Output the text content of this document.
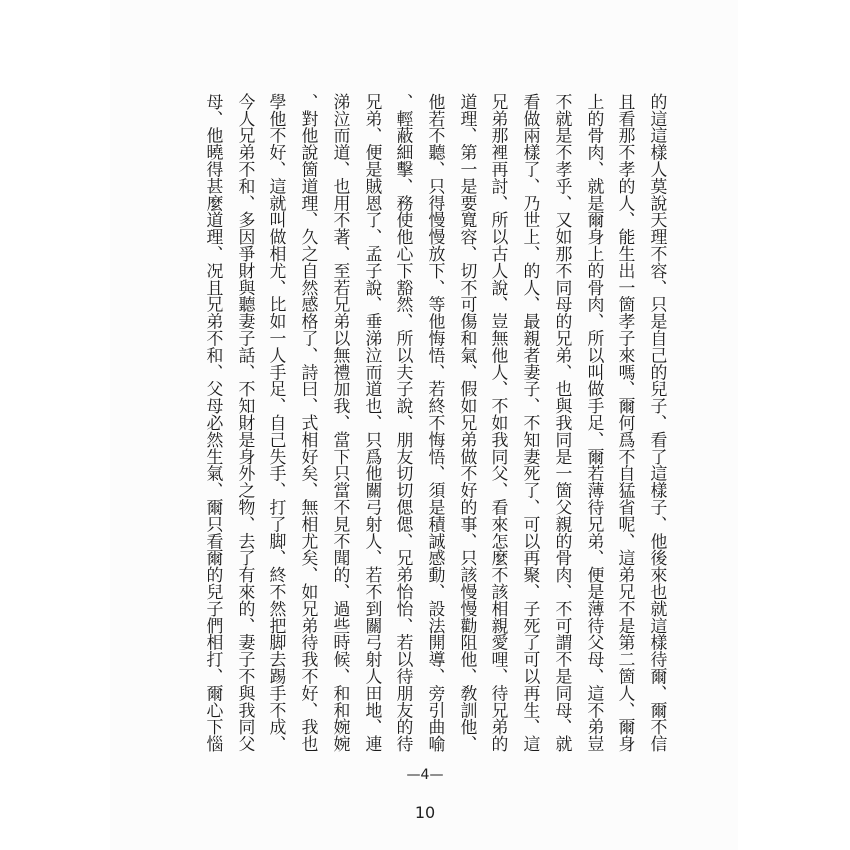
的這這樣人莫說天理不容、只是自己的兒子、看了這樣子、他後來也就這樣待爾、爾不信
且看那不孝的人、能生出一箇孝子來嗎、爾何爲不自猛省呢、這弟兄不是第二箇人、爾身
上的骨肉、就是爾身上的骨肉、所以叫做手足、爾若薄待兄弟、便是薄待父母、這不弟豈
不就是不孝乎、又如那不同母的兄弟、也與我同是一箇父親的骨肉、不可謂不是同母、就
看做兩樣了、乃世上、的人、最親者妻子、不知妻死了、可以再聚、子死了可以再生、這
兄弟那裡再討、所以古人說、豈無他人、不如我同父、看來怎麼不該相親愛哩、待兄弟的
道理、第一是要寬容、切不可傷和氣、假如兄弟做不好的事、只該慢慢勸阻他、敎訓他、
他若不聽、只得慢慢放下、等他悔悟、若終不悔悟、須是積誠感動、設法開導、旁引曲喻
、輕蔽細擊、務使他心下豁然、所以夫子說、朋友切切偲偲、兄弟怡怡、若以待朋友的待
兄弟、便是賊恩了、孟子說、垂涕泣而道也、只爲他關弓射人、若不到關弓射人田地、連
涕泣而道、也用不著、至若兄弟以無禮加我、當下只當不見不聞的、過些時候、和和婉婉
、對他說箇道理、久之自然感格了、詩曰、式相好矣、無相尤矣、如兄弟待我不好、我也
學他不好、這就叫做相尤、比如一人手足、自己失手、打了脚、終不然把脚去踢手不成、
今人兄弟不和、多因爭財與聽妻子話、不知財是身外之物、去了有來的、妻子不與我同父
母、他曉得甚麼道理、况且兄弟不和、父母必然生氣、爾只看爾的兒子們相打、爾心下惱
—4—
10
